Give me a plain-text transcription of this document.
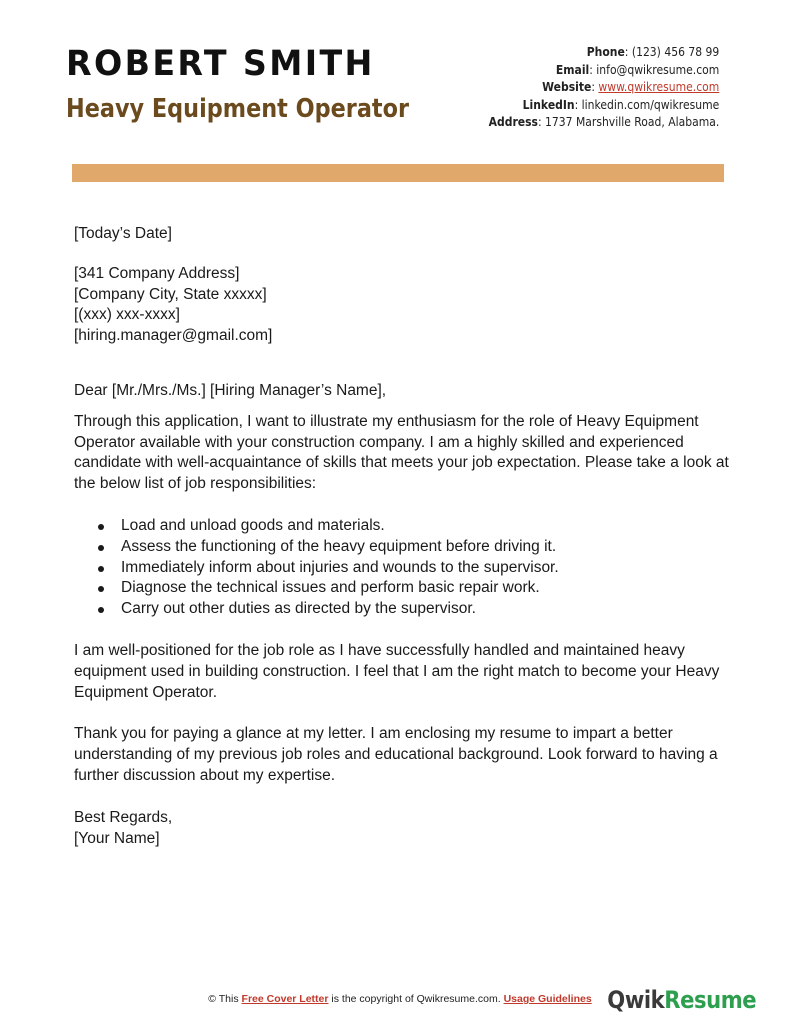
ROBERT SMITH
Heavy Equipment Operator
Phone: (123) 456 78 99
Email: info@qwikresume.com
Website: www.qwikresume.com
LinkedIn: linkedin.com/qwikresume
Address: 1737 Marshville Road, Alabama.

[Today’s Date]

[341 Company Address]

[Company City, State xxxxx]

[(xxx) xxx-xxxx]

[hiring.manager@gmail.com]

Dear [Mr./Mrs./Ms.] [Hiring Manager’s Name],

Through this application, I want to illustrate my enthusiasm for the role of Heavy Equipment Operator available with your construction company. I am a highly skilled and experienced candidate with well-acquaintance of skills that meets your job expectation. Please take a look at the below list of job responsibilities:

Load and unload goods and materials.
Assess the functioning of the heavy equipment before driving it.
Immediately inform about injuries and wounds to the supervisor.
Diagnose the technical issues and perform basic repair work.
Carry out other duties as directed by the supervisor.

I am well-positioned for the job role as I have successfully handled and maintained heavy equipment used in building construction. I feel that I am the right match to become your Heavy Equipment Operator.

Thank you for paying a glance at my letter. I am enclosing my resume to impart a better understanding of my previous job roles and educational background. Look forward to having a further discussion about my expertise.

Best Regards,

[Your Name]

© This Free Cover Letter is the copyright of Qwikresume.com. Usage Guidelines QwikResume
